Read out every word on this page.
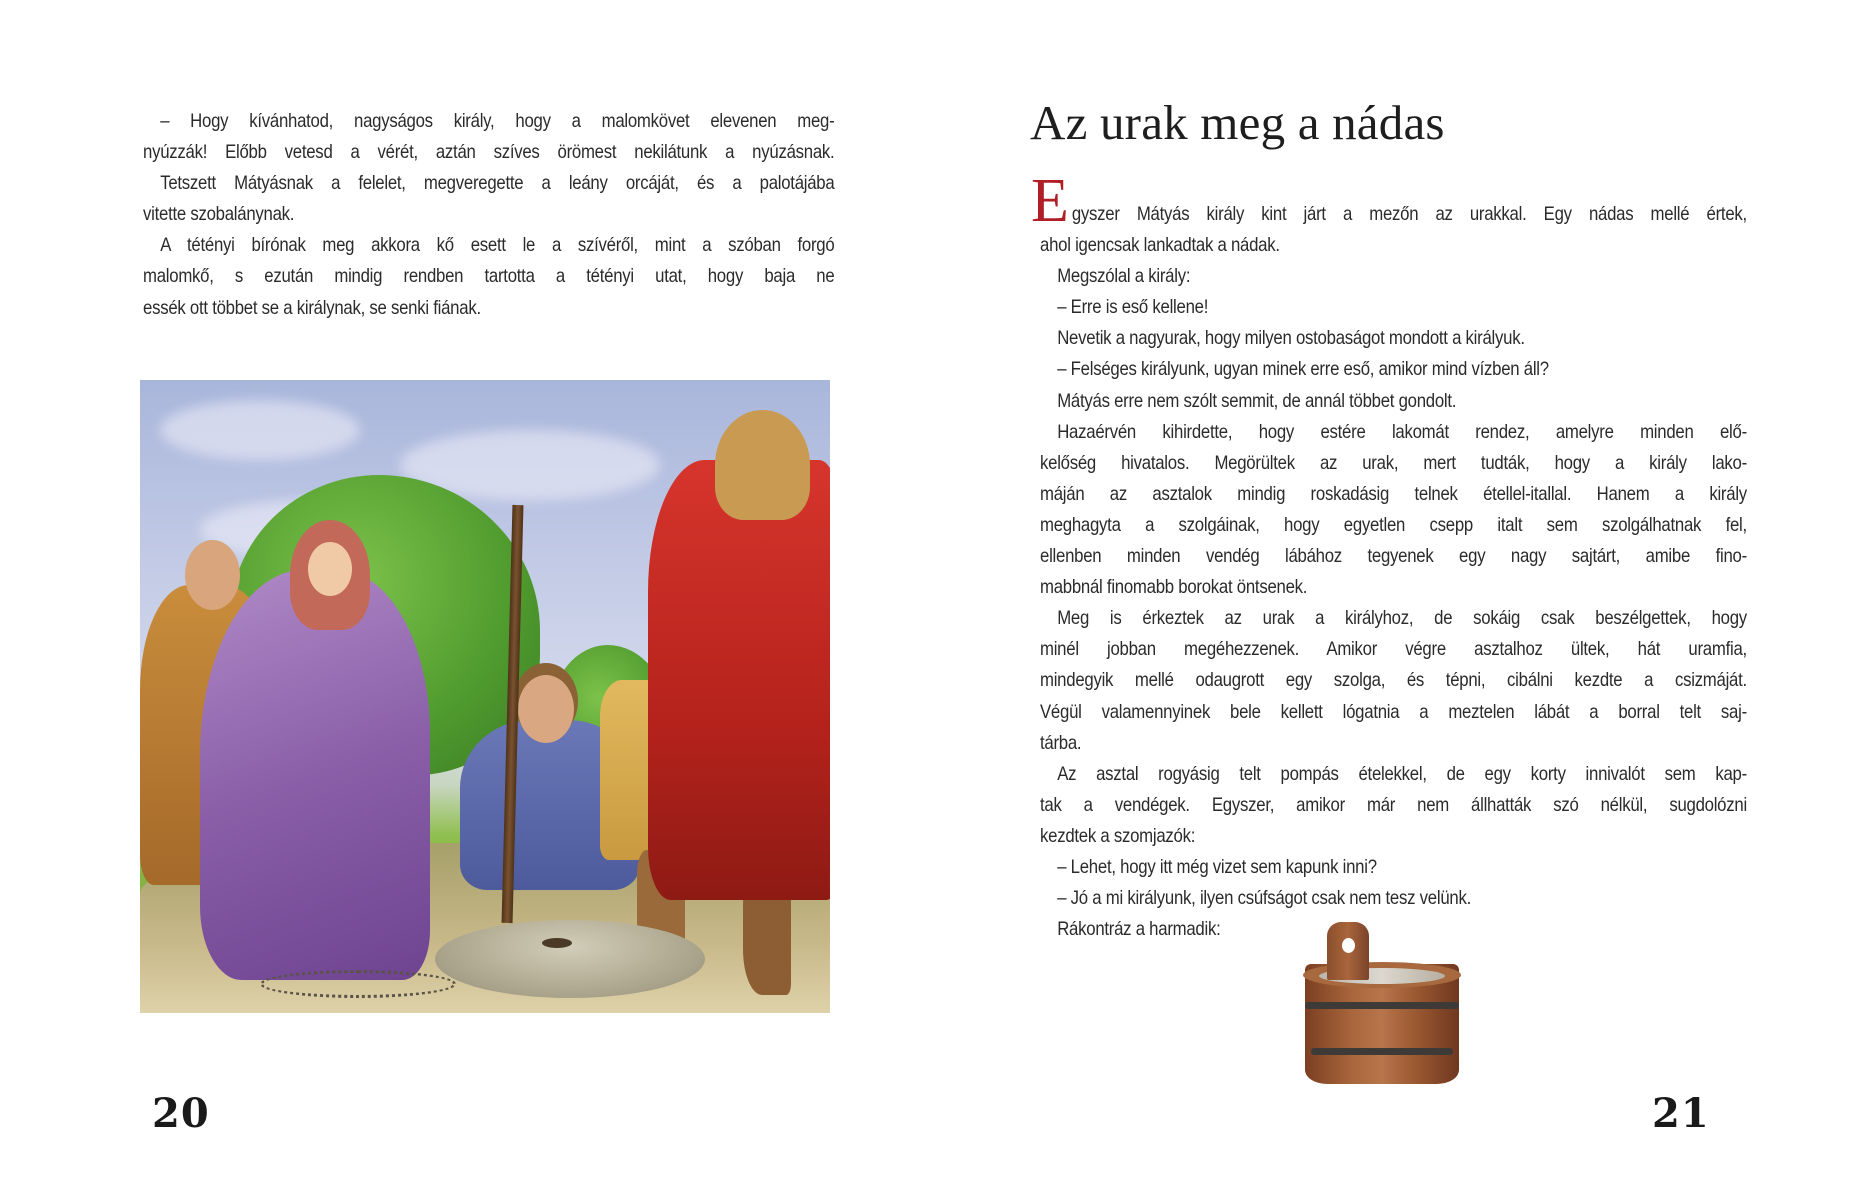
– Hogy kívánhatod, nagyságos király, hogy a malomkövet elevenen meg-
nyúzzák! Előbb vetesd a vérét, aztán szíves örömest nekilátunk a nyúzásnak.
Tetszett Mátyásnak a felelet, megveregette a leány orcáját, és a palotájába
vitette szobalánynak.
A tétényi bírónak meg akkora kő esett le a szívéről, mint a szóban forgó
malomkő, s ezután mindig rendben tartotta a tétényi utat, hogy baja ne
essék ott többet se a királynak, se senki fiának.
20
Az urak meg a nádas
E gyszer Mátyás király kint járt a mezőn az urakkal. Egy nádas mellé értek,
ahol igencsak lankadtak a nádak.
Megszólal a király:
– Erre is eső kellene!
Nevetik a nagyurak, hogy milyen ostobaságot mondott a királyuk.
– Felséges királyunk, ugyan minek erre eső, amikor mind vízben áll?
Mátyás erre nem szólt semmit, de annál többet gondolt.
Hazaérvén kihirdette, hogy estére lakomát rendez, amelyre minden elő-
kelőség hivatalos. Megörültek az urak, mert tudták, hogy a király lako-
máján az asztalok mindig roskadásig telnek étellel-itallal. Hanem a király
meghagyta a szolgáinak, hogy egyetlen csepp italt sem szolgálhatnak fel,
ellenben minden vendég lábához tegyenek egy nagy sajtárt, amibe fino-
mabbnál finomabb borokat öntsenek.
Meg is érkeztek az urak a királyhoz, de sokáig csak beszélgettek, hogy
minél jobban megéhezzenek. Amikor végre asztalhoz ültek, hát uramfia,
mindegyik mellé odaugrott egy szolga, és tépni, cibálni kezdte a csizmáját.
Végül valamennyinek bele kellett lógatnia a meztelen lábát a borral telt saj-
tárba.
Az asztal rogyásig telt pompás ételekkel, de egy korty innivalót sem kap-
tak a vendégek. Egyszer, amikor már nem állhatták szó nélkül, sugdolózni
kezdtek a szomjazók:
– Lehet, hogy itt még vizet sem kapunk inni?
– Jó a mi királyunk, ilyen csúfságot csak nem tesz velünk.
Rákontráz a harmadik:
21
